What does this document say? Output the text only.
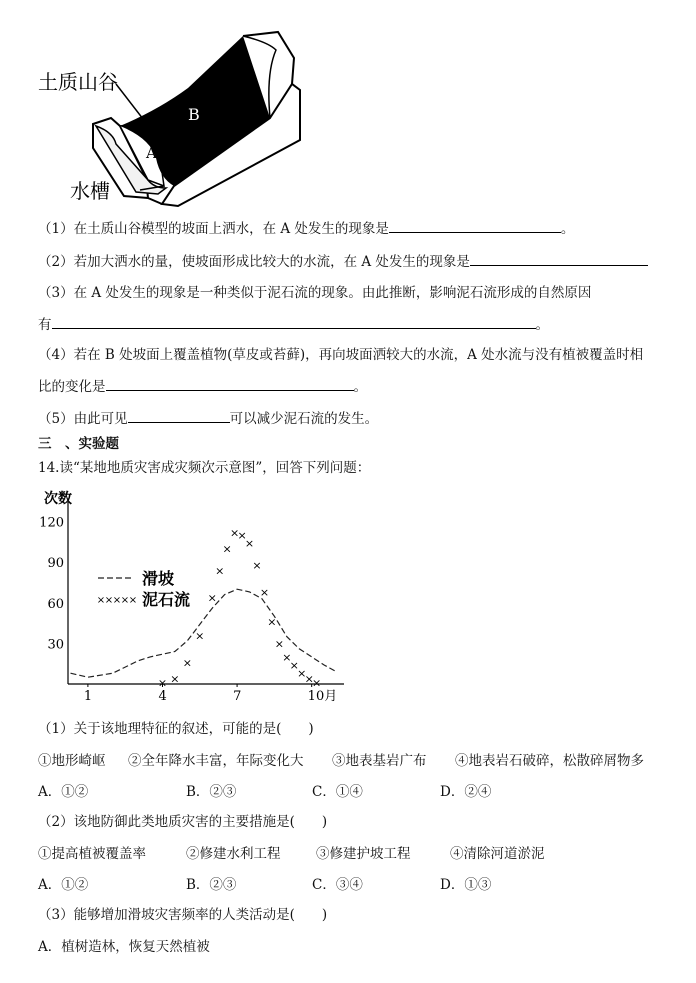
土质山谷
B
A
水槽
（1）在土质山谷模型的坡面上洒水，在 A 处发生的现象是	。
（2）若加大洒水的量，使坡面形成比较大的水流，在 A 处发生的现象是
（3）在 A 处发生的现象是一种类似于泥石流的现象。由此推断，影响泥石流形成的自然原因
有	。
（4）若在 B 处坡面上覆盖植物(草皮或苔藓)，再向坡面洒较大的水流，A 处水流与没有植被覆盖时相
比的变化是	。
（5）由此可见	可以减少泥石流的发生。
三　、实验题
14.读“某地地质灾害成灾频次示意图”，回答下列问题：
次数
30
60
90
120
1	4	7	10月
× ×
×
×
×
×
×
×
×
×
×
×
×
×
×
×
×
×
×
滑坡
× × × × × 泥石流
（1）关于该地理特征的叙述，可能的是(　　)
①地形崎岖 ②全年降水丰富，年际变化大 ③地表基岩广布 ④地表岩石破碎，松散碎屑物多
A．①②	B．②③	C．①④	D．②④
（2）该地防御此类地质灾害的主要措施是(　　)
①提高植被覆盖率	②修建水利工程	③修建护坡工程	④清除河道淤泥
A．①②	B．②③	C．③④	D．①③
（3）能够增加滑坡灾害频率的人类活动是(　　)
A．植树造林，恢复天然植被
